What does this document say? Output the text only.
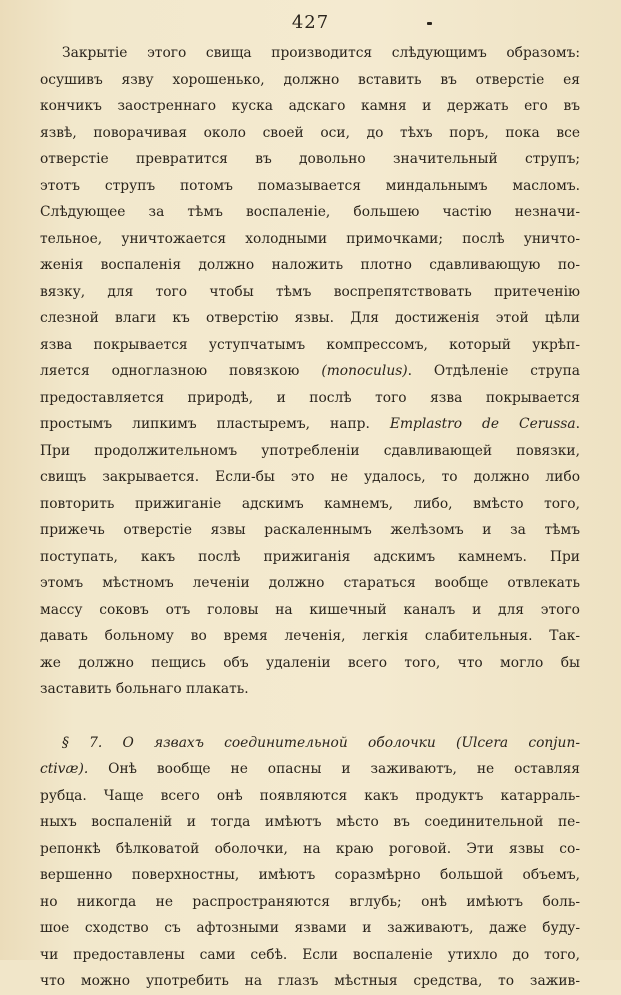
427
Закрытіе этого свища производится слѣдующимъ образомъ:
осушивъ язву хорошенько, должно вставить въ отверстіе ея
кончикъ заостреннаго куска адскаго камня и держать его въ
язвѣ, поворачивая около своей оси, до тѣхъ поръ, пока все
отверстіе превратится въ довольно значительный струпъ;
этотъ струпъ потомъ помазывается миндальнымъ масломъ.
Слѣдующее за тѣмъ воспаленіе, большею частію незначи-
тельное, уничтожается холодными примочками; послѣ уничто-
женія воспаленія должно наложить плотно сдавливающую по-
вязку, для того чтобы тѣмъ воспрепятствовать притеченію
слезной влаги къ отверстію язвы. Для достиженія этой цѣли
язва покрывается уступчатымъ компрессомъ, который укрѣп-
ляется одноглазною повязкою (monoculus). Отдѣленіе струпа
предоставляется природѣ, и послѣ того язва покрывается
простымъ липкимъ пластыремъ, напр. Emplastro de Cerussa.
При продолжительномъ употребленіи сдавливающей повязки,
свищъ закрывается. Если-бы это не удалось, то должно либо
повторить прижиганіе адскимъ камнемъ, либо, вмѣсто того,
прижечь отверстіе язвы раскаленнымъ желѣзомъ и за тѣмъ
поступать, какъ послѣ прижиганія адскимъ камнемъ. При
этомъ мѣстномъ леченіи должно стараться вообще отвлекать
массу соковъ отъ головы на кишечный каналъ и для этого
давать больному во время леченія, легкія слабительныя. Так-
же должно пещись объ удаленіи всего того, что могло бы
заставить больнаго плакать.
§ 7. О язвахъ соединительной оболочки (Ulcera conjun-
ctivæ). Онѣ вообще не опасны и заживаютъ, не оставляя
рубца. Чаще всего онѣ появляются какъ продуктъ катарраль-
ныхъ воспаленій и тогда имѣютъ мѣсто въ соединительной пе-
репонкѣ бѣлковатой оболочки, на краю роговой. Эти язвы со-
вершенно поверхностны, имѣютъ соразмѣрно большой объемъ,
но никогда не распространяются вглубь; онѣ имѣютъ боль-
шое сходство съ афтозными язвами и заживаютъ, даже буду-
чи предоставлены сами себѣ. Если воспаленіе утихло до того,
что можно употребить на глазъ мѣстныя средства, то зажив-
